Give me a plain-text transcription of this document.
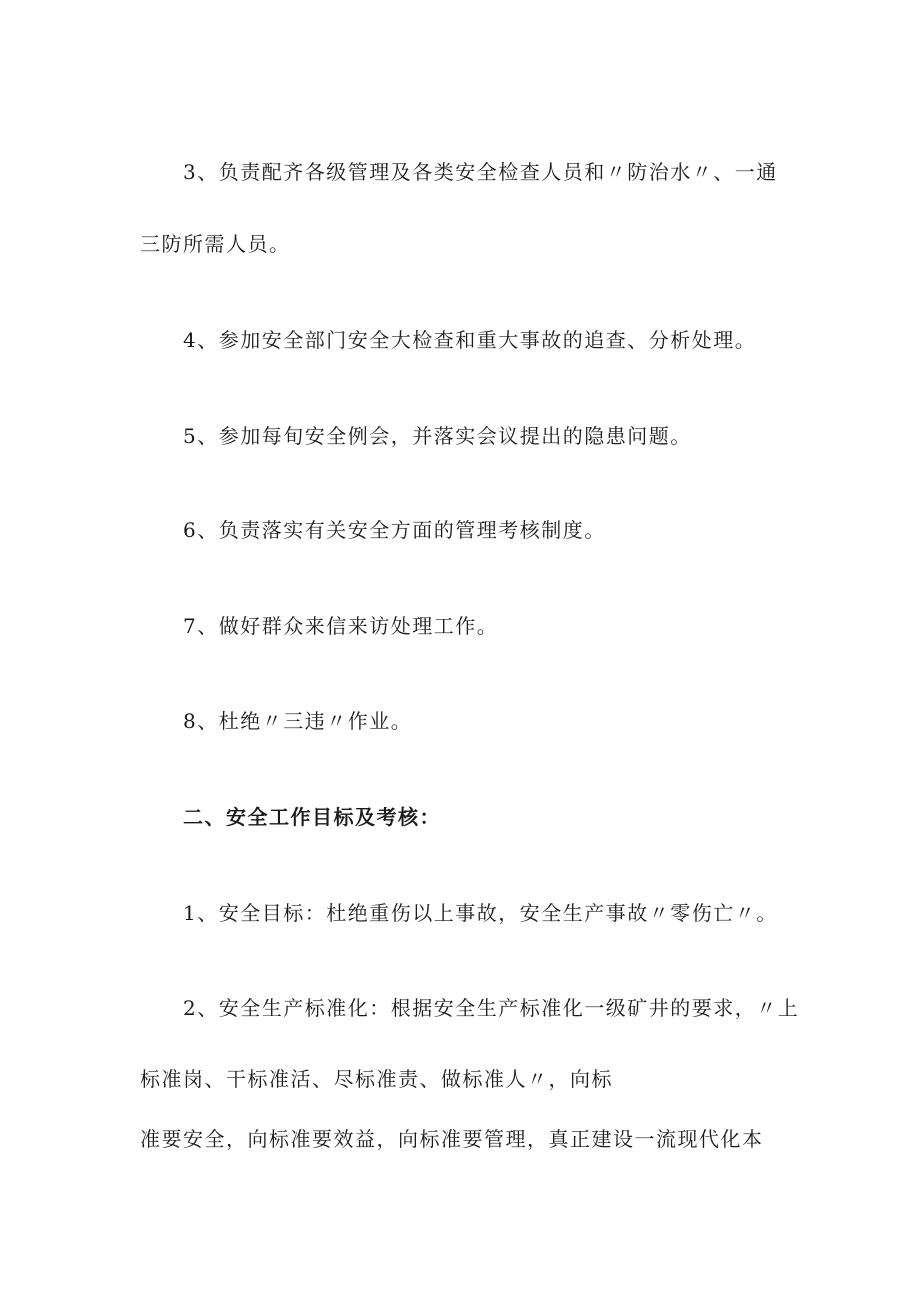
3、负责配齐各级管理及各类安全检查人员和〃防治水〃、一通
三防所需人员。
4、参加安全部门安全大检查和重大事故的追查、分析处理。
5、参加每旬安全例会，并落实会议提出的隐患问题。
6、负责落实有关安全方面的管理考核制度。
7、做好群众来信来访处理工作。
8、杜绝〃三违〃作业。
二、安全工作目标及考核：
1、安全目标：杜绝重伤以上事故，安全生产事故〃零伤亡〃。
2、安全生产标准化：根据安全生产标准化一级矿井的要求，〃上
标准岗、干标准活、尽标准责、做标准人〃，向标
准要安全，向标准要效益，向标准要管理，真正建设一流现代化本
